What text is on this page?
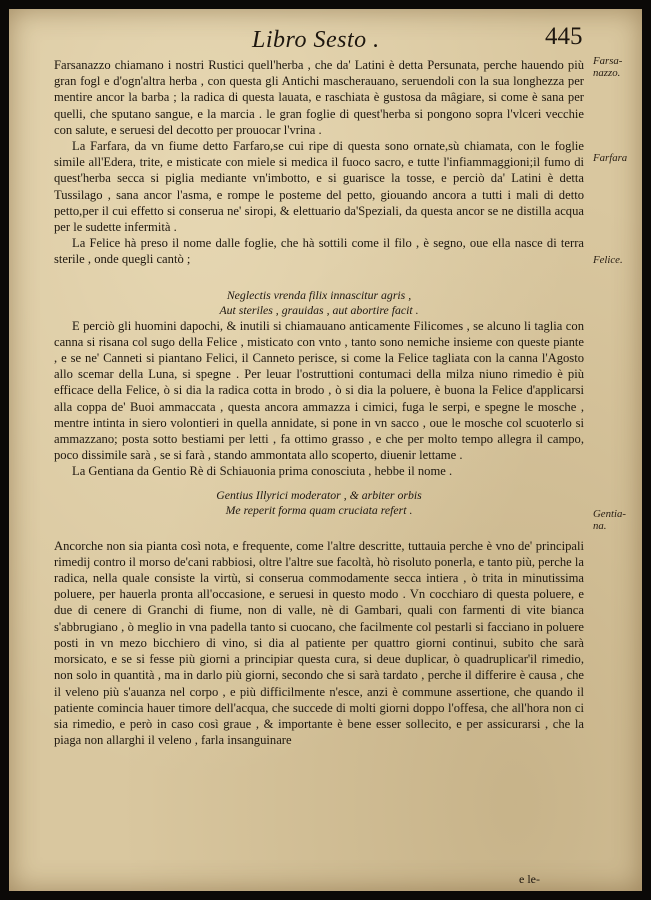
Libro Sesto .	445
Farsa-nazzo.
Farfara
Felice.
Gentia-na.

Farsanazzo chiamano i nostri Rustici quell'herba , che da' Latini è detta Persunata, perche hauendo più gran fogl e d'ogn'altra herba , con questa gli Antichi mascherauano, seruendoli con la sua longhezza per mentire ancor la barba ; la radica di questa lauata, e raschiata è gustosa da mâgiare, si come è sana per quelli, che sputano sangue, e la marcia . le gran foglie di quest'herba si pongono sopra l'vlceri vecchie con salute, e seruesi del decotto per prouocar l'vrina .

La Farfara, da vn fiume detto Farfaro,se cui ripe di questa sono ornate,sù chiamata, con le foglie simile all'Edera, trite, e misticate con miele si medica il fuoco sacro, e tutte l'infiammaggioni;il fumo di quest'herba secca si piglia mediante vn'imbotto, e si guarisce la tosse, e perciò da' Latini è detta Tussilago , sana ancor l'asma, e rompe le posteme del petto, giouando ancora a tutti i mali di detto petto,per il cui effetto si conserua ne' siropi, & elettuario da'Speziali, da questa ancor se ne distilla acqua per le sudette infermità .

La Felice hà preso il nome dalle foglie, che hà sottili come il filo , è segno, oue ella nasce di terra sterile , onde quegli cantò ;

Neglectis vrenda filix innascitur agris ,
Aut steriles , grauidas , aut abortire facit .

E perciò gli huomini dapochi, & inutili si chiamauano anticamente Filicomes , se alcuno li taglia con canna si risana col sugo della Felice , misticato con vnto , tanto sono nemiche insieme con queste piante , e se ne' Canneti si piantano Felici, il Canneto perisce, si come la Felice tagliata con la canna l'Agosto allo scemar della Luna, si spegne . Per leuar l'ostruttioni contumaci della milza niuno rimedio è più efficace della Felice, ò si dia la radica cotta in brodo , ò si dia la poluere, è buona la Felice d'applicarsi alla coppa de' Buoi ammaccata , questa ancora ammazza i cimici, fuga le serpi, e spegne le mosche , mentre intinta in siero volontieri in quella annidate, si pone in vn sacco , oue le mosche col scuoterlo si ammazzano; posta sotto bestiami per letti , fa ottimo grasso , e che per molto tempo allegra il campo, poco dissimile sarà , se si farà , stando ammontata allo scoperto, diuenir lettame .

La Gentiana da Gentio Rè di Schiauonia prima conosciuta , hebbe il nome .

Gentius Illyrici moderator , & arbiter orbis
Me reperit forma quam cruciata refert .

Ancorche non sia pianta così nota, e frequente, come l'altre descritte, tuttauia perche è vno de' principali rimedij contro il morso de'cani rabbiosi, oltre l'altre sue facoltà, hò risoluto ponerla, e tanto più, perche la radica, nella quale consiste la virtù, si conserua commodamente secca intiera , ò trita in minutissima poluere, per hauerla pronta all'occasione, e seruesi in questo modo . Vn cocchiaro di questa poluere, e due di cenere di Granchi di fiume, non di valle, nè di Gambari, quali con farmenti di vite bianca s'abbrugiano , ò meglio in vna padella tanto si cuocano, che facilmente col pestarli si facciano in poluere posti in vn mezo bicchiero di vino, si dia al patiente per quattro giorni continui, subito che sarà morsicato, e se si fesse più giorni a principiar questa cura, si deue duplicar, ò quadruplicar'il rimedio, non solo in quantità , ma in darlo più giorni, secondo che si sarà tardato , perche il differire è causa , che il veleno più s'auanza nel corpo , e più difficilmente n'esce, anzi è commune assertione, che quando il patiente comincia hauer timore dell'acqua, che succede di molti giorni doppo l'offesa, che all'hora non ci sia rimedio, e però in caso così graue , & importante è bene esser sollecito, e per assicurarsi , che la piaga non allarghi il veleno , farla insanguinare

e le-
